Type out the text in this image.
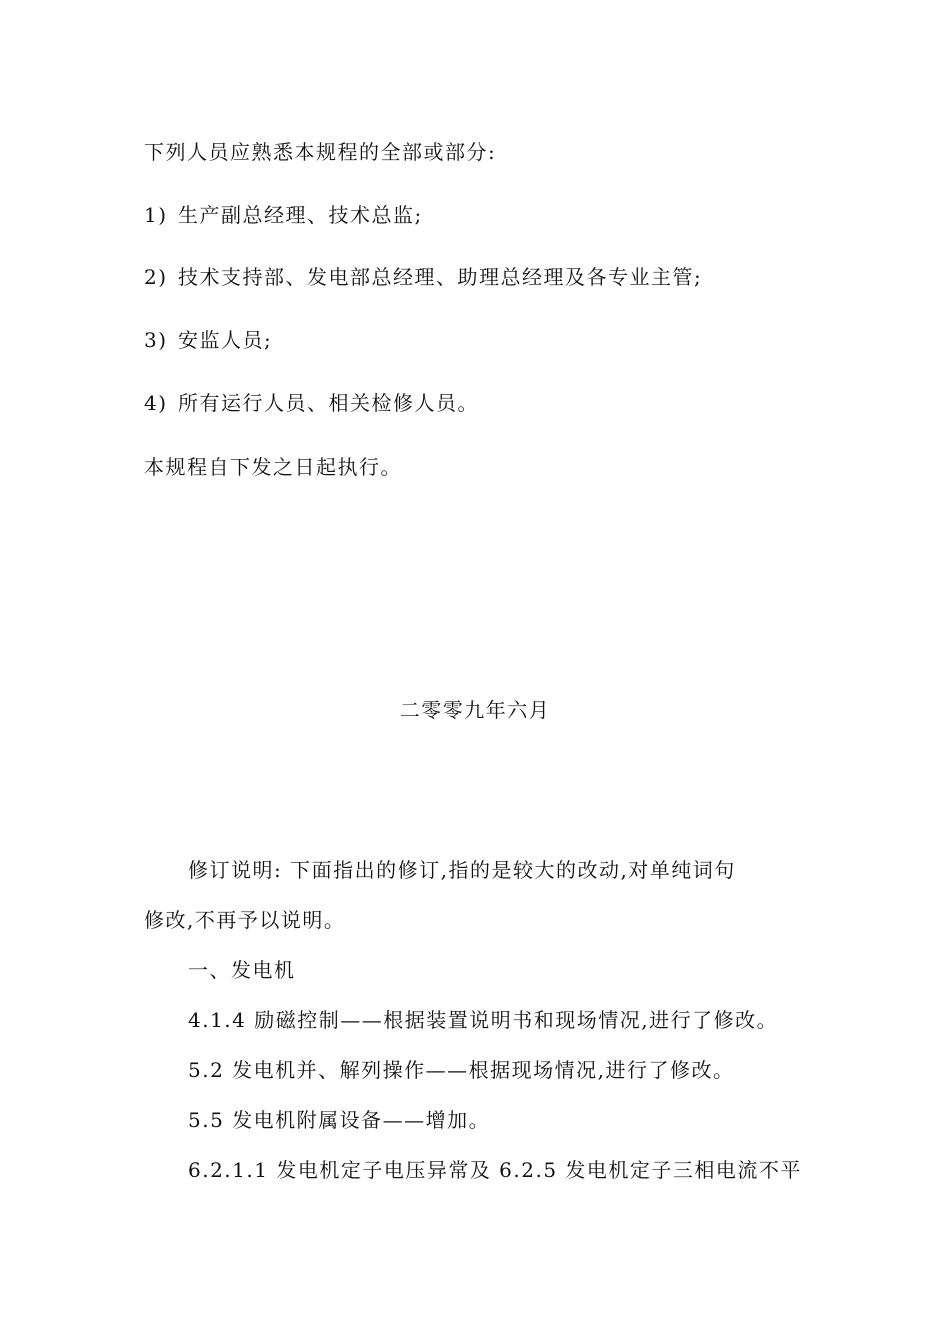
下列人员应熟悉本规程的全部或部分:
1) 生产副总经理、技术总监;
2) 技术支持部、发电部总经理、助理总经理及各专业主管;
3) 安监人员;
4) 所有运行人员、相关检修人员。
本规程自下发之日起执行。
二零零九年六月
修订说明: 下面指出的修订,指的是较大的改动,对单纯词句
修改,不再予以说明。
一、发电机
4.1.4 励磁控制——根据装置说明书和现场情况,进行了修改。
5.2 发电机并、解列操作——根据现场情况,进行了修改。
5.5 发电机附属设备——增加。
6.2.1.1 发电机定子电压异常及 6.2.5 发电机定子三相电流不平
